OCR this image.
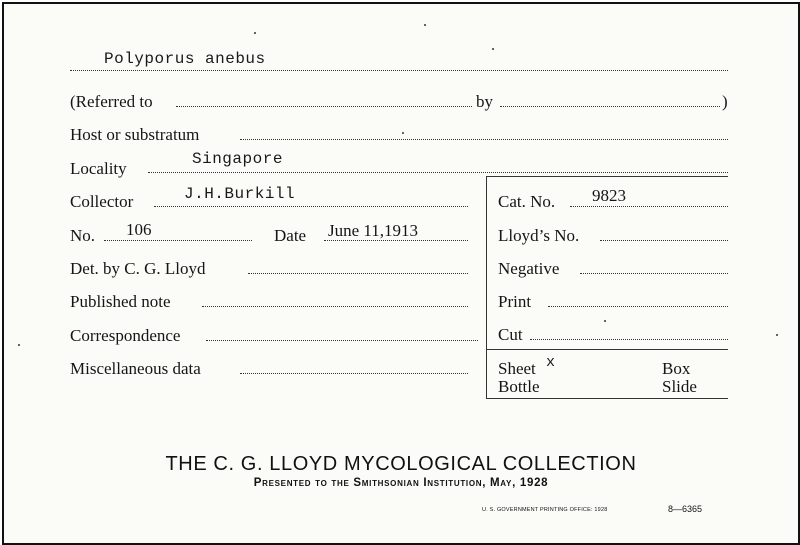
Polyporus anebus
(Referred to	by	)
Host or substratum
Locality	Singapore
Collector	J.H.Burkill	Cat. No. 9823
No. 106	Date June 11,1913	Lloyd’s No.
Det. by C. G. Lloyd	Negative
Published note	Print
Correspondence	Cut
Miscellaneous data	Sheet x	Box
Bottle	Slide
THE C. G. LLOYD MYCOLOGICAL COLLECTION
Presented to the Smithsonian Institution, May, 1928
U. S. GOVERNMENT PRINTING OFFICE: 1928	8—6365
